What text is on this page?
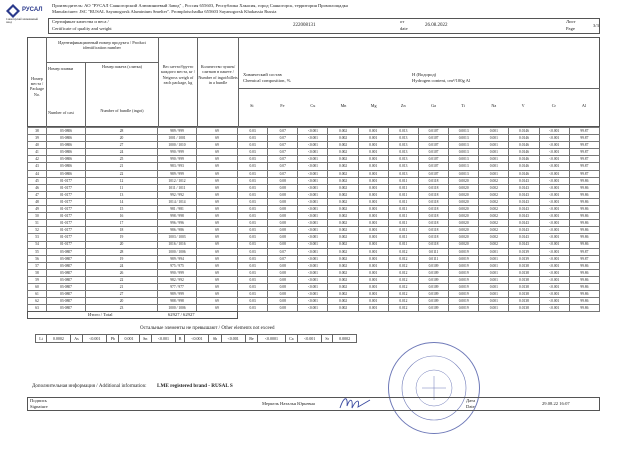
РУСАЛ
Саяногорский алюминиевый завод
Производитель: АО "РУСАЛ Саяногорский Алюминиевый Завод" , Россия 655603, Республика Хакасия, город Саяногорск, территория Промплощадка
Manufacturer: JSC "RUSAL Sayanogorsk Aluminium Smelter". Promplotschadka 655603 Sayanogorsk Khakassia Russia
Сертификат качества и веса /
Certificate of quality and weight
222008131
от
date
26.08.2022
Лист
Page
3/3
Номер места / Package No.
Идентификационный номер продукта / Product identification number
Номер плавки
Number of cast
Номер пакета (слитка)
Number of bundle (ingot)
Вес нетто/брутто каждого места, кг / Netgross weigh of each package, kg
Количество чушек/слитков в пакете / Number of ingot/billets in a bundle
Химический состав
Chemical composition, %
Н (Водород)
Hydrogen content, cm³/100g Al
Si	Fe	Cu	Mn	Mg	Zn	Ga	Ti	Na	V	Cr	Al
38	03-0806	28	989 / 999	69	0.03	0.07	<0.001	0.002	0.001	0.013	0.0107	0.0013	0.001	0.0146	<0.001	99.87
39	03-0806	20	1001 / 1001	69	0.03	0.07	<0.001	0.002	0.001	0.013	0.0107	0.0013	0.001	0.0146	<0.001	99.87
40	03-0806	27	1000 / 1010	69	0.03	0.07	<0.001	0.002	0.001	0.013	0.0107	0.0013	0.001	0.0146	<0.001	99.87
41	03-0806	24	990 / 999	69	0.03	0.07	<0.001	0.002	0.001	0.013	0.0107	0.0013	0.001	0.0146	<0.001	99.87
42	03-0806	25	990 / 999	69	0.03	0.07	<0.001	0.002	0.001	0.013	0.0107	0.0013	0.001	0.0146	<0.001	99.87
43	03-0806	21	983 / 993	69	0.03	0.07	<0.001	0.002	0.001	0.013	0.0107	0.0013	0.001	0.0146	<0.001	99.87
44	03-0806	22	989 / 999	69	0.03	0.07	<0.001	0.002	0.001	0.013	0.0107	0.0013	0.001	0.0146	<0.001	99.87
45	01-0177	12	1012 / 1012	69	0.03	0.08	<0.001	0.002	0.001	0.011	0.0118	0.0020	0.002	0.0143	<0.001	99.86
46	01-0177	11	1011 / 1011	69	0.03	0.08	<0.001	0.002	0.001	0.011	0.0118	0.0020	0.002	0.0143	<0.001	99.86
47	01-0177	13	992 / 992	69	0.03	0.08	<0.001	0.002	0.001	0.011	0.0118	0.0020	0.002	0.0143	<0.001	99.86
48	01-0177	14	1014 / 1014	69	0.03	0.08	<0.001	0.002	0.001	0.011	0.0118	0.0020	0.002	0.0143	<0.001	99.86
49	01-0177	15	981 / 981	69	0.03	0.08	<0.001	0.002	0.001	0.011	0.0118	0.0020	0.002	0.0143	<0.001	99.86
50	01-0177	16	998 / 998	69	0.03	0.08	<0.001	0.002	0.001	0.011	0.0118	0.0020	0.002	0.0143	<0.001	99.86
51	01-0177	17	996 / 996	69	0.03	0.08	<0.001	0.002	0.001	0.011	0.0118	0.0020	0.002	0.0143	<0.001	99.86
52	01-0177	18	986 / 986	69	0.03	0.08	<0.001	0.002	0.001	0.011	0.0118	0.0020	0.002	0.0143	<0.001	99.86
53	01-0177	19	1003 / 1003	69	0.03	0.08	<0.001	0.002	0.001	0.011	0.0118	0.0020	0.002	0.0143	<0.001	99.86
54	01-0177	20	1016 / 1016	69	0.03	0.08	<0.001	0.002	0.001	0.011	0.0118	0.0020	0.002	0.0143	<0.001	99.86
55	03-0807	28	1000 / 1006	69	0.03	0.07	<0.001	0.002	0.001	0.012	0.0111	0.0019	0.001	0.0139	<0.001	99.87
56	03-0807	19	989 / 994	69	0.03	0.07	<0.001	0.002	0.001	0.012	0.0111	0.0019	0.001	0.0139	<0.001	99.87
57	03-0807	24	975 / 975	69	0.03	0.08	<0.001	0.002	0.001	0.012	0.0109	0.0019	0.001	0.0138	<0.001	99.86
58	03-0807	26	990 / 999	69	0.03	0.08	<0.001	0.002	0.001	0.012	0.0109	0.0019	0.001	0.0138	<0.001	99.86
59	03-0807	22	982 / 992	69	0.03	0.08	<0.001	0.002	0.001	0.012	0.0109	0.0019	0.001	0.0138	<0.001	99.86
60	03-0807	21	977 / 977	69	0.03	0.08	<0.001	0.002	0.001	0.012	0.0109	0.0019	0.001	0.0138	<0.001	99.86
61	03-0807	27	989 / 999	69	0.03	0.08	<0.001	0.002	0.001	0.012	0.0109	0.0019	0.001	0.0138	<0.001	99.86
62	03-0807	20	988 / 998	69	0.03	0.08	<0.001	0.002	0.001	0.012	0.0109	0.0019	0.001	0.0138	<0.001	99.86
63	03-0807	23	1000 / 1006	69	0.03	0.08	<0.001	0.002	0.001	0.012	0.0109	0.0019	0.001	0.0138	<0.001	99.86
Итого / Total	62927 / 62927
Остальные элементы не превышают / Other elements not exceed
Li	0.0002	As	<0.001	Pb	0.001	Sn	<0.001	B	<0.001	Sb	<0.001	Be	<0.0001	Ca	<0.001	Sr	0.0002
Дополнительная информация / Additional information: LME registered brand - RUSAL S
Подпись
Signature
Меркель Наталья Юрьевна
Дата
Date
29.08.22 16:07
